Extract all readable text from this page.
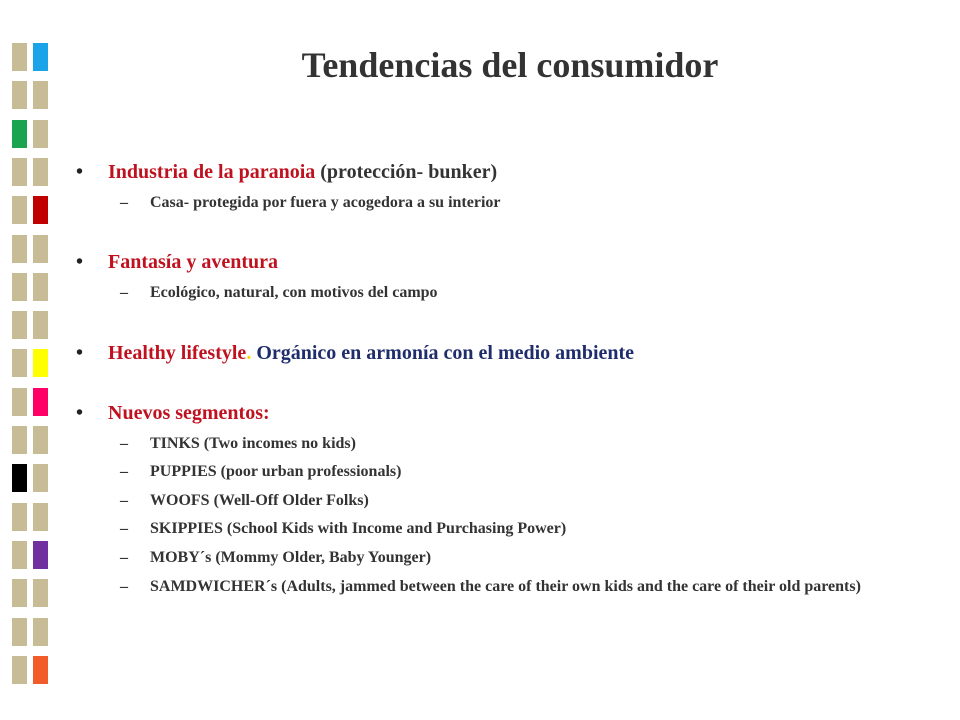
Tendencias del consumidor
• Industria de la paranoia (protección- bunker)
–	Casa- protegida por fuera y acogedora a su interior
• Fantasía y aventura
–	Ecológico, natural, con motivos del campo
• Healthy lifestyle. Orgánico en armonía con el medio ambiente
• Nuevos segmentos:
–	TINKS (Two incomes no kids)
–	PUPPIES (poor urban professionals)
–	WOOFS (Well-Off Older Folks)
–	SKIPPIES (School Kids with Income and Purchasing Power)
–	MOBY´s (Mommy Older, Baby Younger)
–	SAMDWICHER´s (Adults, jammed between the care of their own kids and the care of their old parents)
